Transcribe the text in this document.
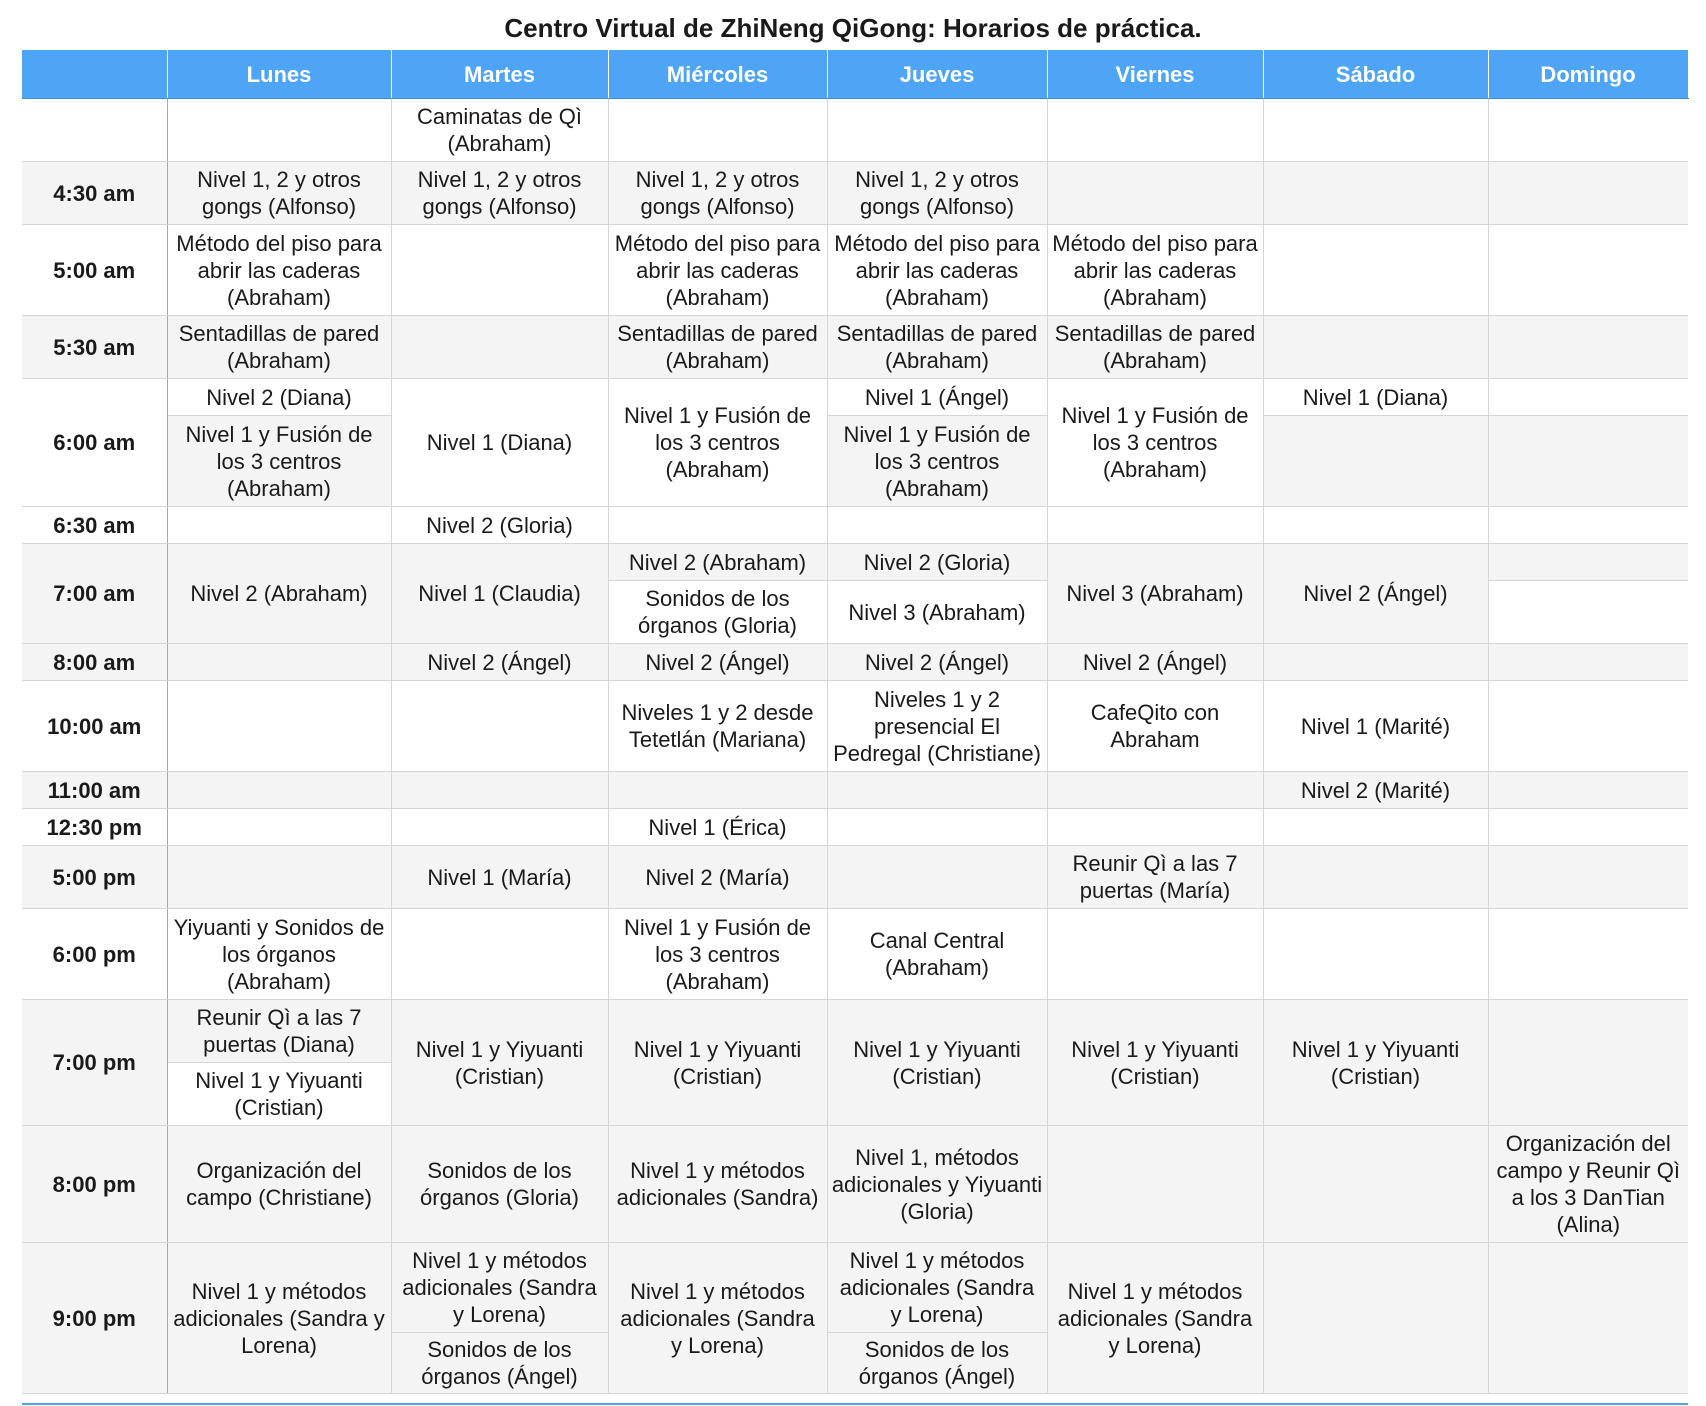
Centro Virtual de ZhiNeng QiGong: Horarios de práctica.
	Lunes	Martes	Miércoles	Jueves	Viernes	Sábado	Domingo
		Caminatas de Qì (Abraham)					
4:30 am	Nivel 1, 2 y otros gongs (Alfonso)	Nivel 1, 2 y otros gongs (Alfonso)	Nivel 1, 2 y otros gongs (Alfonso)	Nivel 1, 2 y otros gongs (Alfonso)			
5:00 am	Método del piso para abrir las caderas (Abraham)		Método del piso para abrir las caderas (Abraham)	Método del piso para abrir las caderas (Abraham)	Método del piso para abrir las caderas (Abraham)		
5:30 am	Sentadillas de pared (Abraham)		Sentadillas de pared (Abraham)	Sentadillas de pared (Abraham)	Sentadillas de pared (Abraham)		
6:00 am	Nivel 2 (Diana)	Nivel 1 (Diana)	Nivel 1 y Fusión de los 3 centros (Abraham)	Nivel 1 (Ángel)	Nivel 1 y Fusión de los 3 centros (Abraham)	Nivel 1 (Diana)	
	Nivel 1 y Fusión de los 3 centros (Abraham)			Nivel 1 y Fusión de los 3 centros (Abraham)			
6:30 am		Nivel 2 (Gloria)					
7:00 am	Nivel 2 (Abraham)	Nivel 1 (Claudia)	Nivel 2 (Abraham)	Nivel 2 (Gloria)	Nivel 3 (Abraham)	Nivel 2 (Ángel)	
			Sonidos de los órganos (Gloria)	Nivel 3 (Abraham)			
8:00 am		Nivel 2 (Ángel)	Nivel 2 (Ángel)	Nivel 2 (Ángel)	Nivel 2 (Ángel)		
10:00 am			Niveles 1 y 2 desde Tetetlán (Mariana)	Niveles 1 y 2 presencial El Pedregal (Christiane)	CafeQito con Abraham	Nivel 1 (Marité)	
11:00 am						Nivel 2 (Marité)	
12:30 pm			Nivel 1 (Érica)				
5:00 pm		Nivel 1 (María)	Nivel 2 (María)		Reunir Qì a las 7 puertas (María)		
6:00 pm	Yiyuanti y Sonidos de los órganos (Abraham)		Nivel 1 y Fusión de los 3 centros (Abraham)	Canal Central (Abraham)			
7:00 pm	Reunir Qì a las 7 puertas (Diana)	Nivel 1 y Yiyuanti (Cristian)	Nivel 1 y Yiyuanti (Cristian)	Nivel 1 y Yiyuanti (Cristian)	Nivel 1 y Yiyuanti (Cristian)	Nivel 1 y Yiyuanti (Cristian)	
	Nivel 1 y Yiyuanti (Cristian)						
8:00 pm	Organización del campo (Christiane)	Sonidos de los órganos (Gloria)	Nivel 1 y métodos adicionales (Sandra)	Nivel 1, métodos adicionales y Yiyuanti (Gloria)			Organización del campo y Reunir Qì a los 3 DanTian (Alina)
9:00 pm	Nivel 1 y métodos adicionales (Sandra y Lorena)	Nivel 1 y métodos adicionales (Sandra y Lorena)	Nivel 1 y métodos adicionales (Sandra y Lorena)	Nivel 1 y métodos adicionales (Sandra y Lorena)	Nivel 1 y métodos adicionales (Sandra y Lorena)		
		Sonidos de los órganos (Ángel)		Sonidos de los órganos (Ángel)			
